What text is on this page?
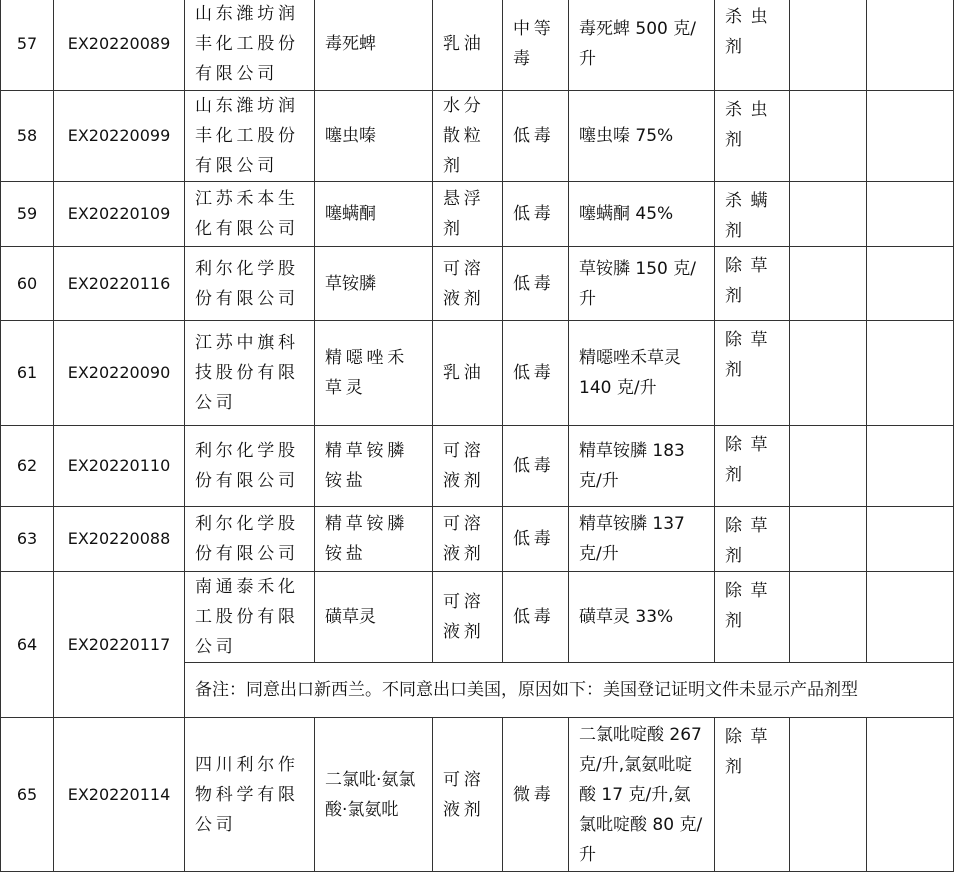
57	EX20220089	山东潍坊润丰化工股份有限公司	毒死蜱	乳油	中等毒	毒死蜱 500 克/升	杀虫剂		
58	EX20220099	山东潍坊润丰化工股份有限公司	噻虫嗪	水分散粒剂	低毒	噻虫嗪 75%	杀虫剂		
59	EX20220109	江苏禾本生化有限公司	噻螨酮	悬浮剂	低毒	噻螨酮 45%	杀螨剂		
60	EX20220116	利尔化学股份有限公司	草铵膦	可溶液剂	低毒	草铵膦 150 克/升	除草剂		
61	EX20220090	江苏中旗科技股份有限公司	精噁唑禾草灵	乳油	低毒	精噁唑禾草灵 140 克/升	除草剂		
62	EX20220110	利尔化学股份有限公司	精草铵膦铵盐	可溶液剂	低毒	精草铵膦 183 克/升	除草剂		
63	EX20220088	利尔化学股份有限公司	精草铵膦铵盐	可溶液剂	低毒	精草铵膦 137 克/升	除草剂		
64	EX20220117	南通泰禾化工股份有限公司	磺草灵	可溶液剂	低毒	磺草灵 33%	除草剂		
		备注：同意出口新西兰。不同意出口美国，原因如下：美国登记证明文件未显示产品剂型							
65	EX20220114	四川利尔作物科学有限公司	二氯吡·氨氯酸·氯氨吡	可溶液剂	微毒	二氯吡啶酸 267 克/升,氯氨吡啶酸 17 克/升,氨氯吡啶酸 80 克/升	除草剂		
